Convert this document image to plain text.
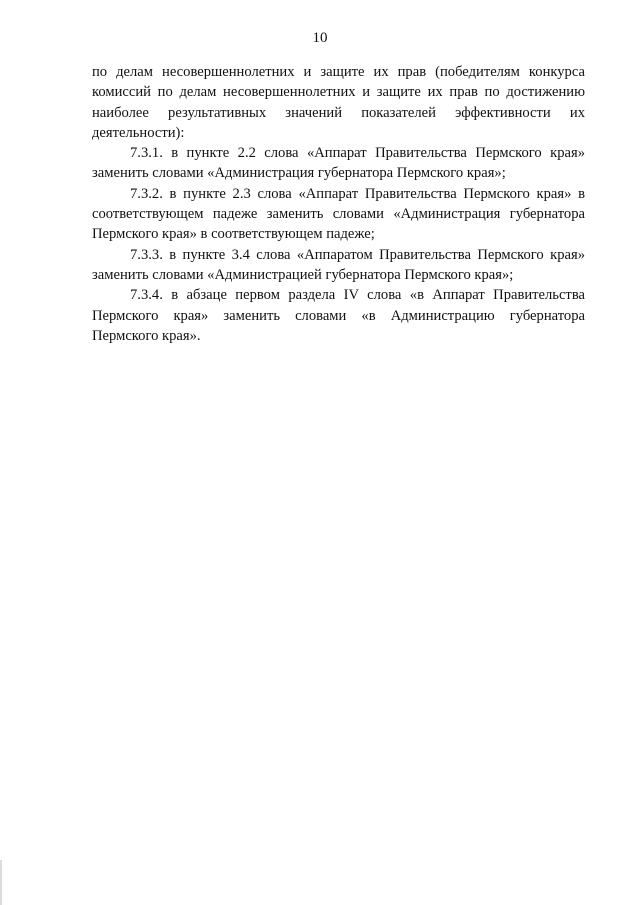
10

по делам несовершеннолетних и защите их прав (победителям конкурса комиссий по делам несовершеннолетних и защите их прав по достижению наиболее результативных значений показателей эффективности их деятельности):

7.3.1. в пункте 2.2 слова «Аппарат Правительства Пермского края» заменить словами «Администрация губернатора Пермского края»;

7.3.2. в пункте 2.3 слова «Аппарат Правительства Пермского края» в соответствующем падеже заменить словами «Администрация губернатора Пермского края» в соответствующем падеже;

7.3.3. в пункте 3.4 слова «Аппаратом Правительства Пермского края» заменить словами «Администрацией губернатора Пермского края»;

7.3.4. в абзаце первом раздела IV слова «в Аппарат Правительства Пермского края» заменить словами «в Администрацию губернатора Пермского края».
